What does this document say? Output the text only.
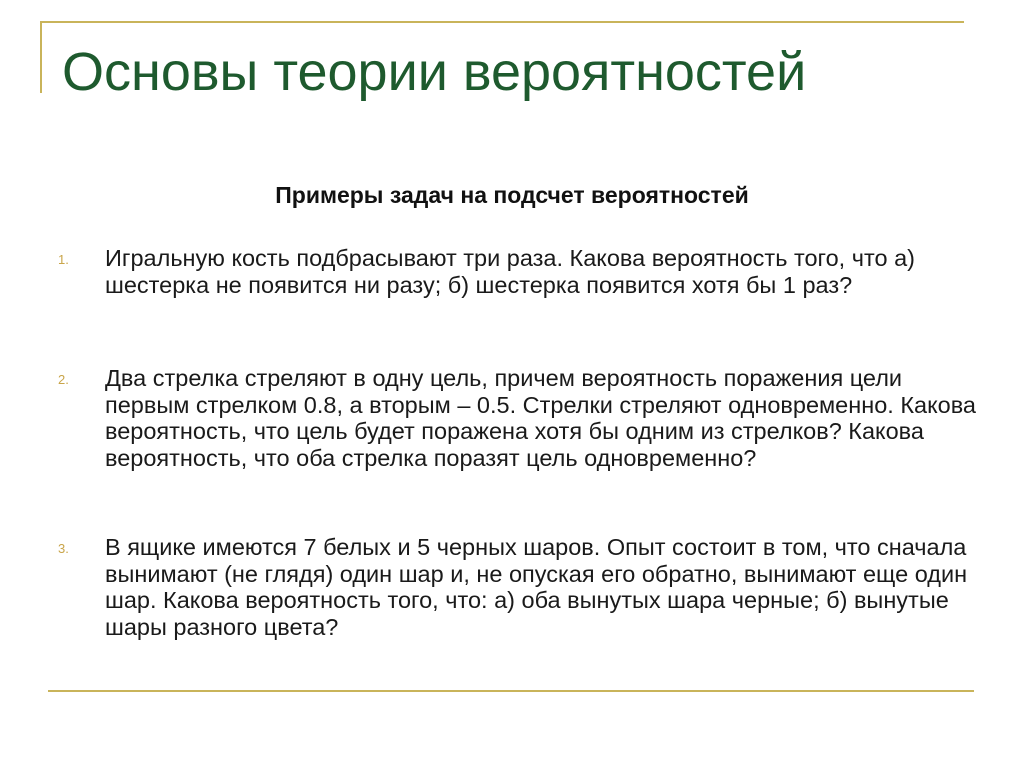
Основы теории вероятностей
Примеры задач на подсчет вероятностей
1. Игральную кость подбрасывают три раза. Какова вероятность того, что а) шестерка не появится ни разу; б) шестерка появится хотя бы 1 раз?
2. Два стрелка стреляют в одну цель, причем вероятность поражения цели первым стрелком 0.8, а вторым – 0.5. Стрелки стреляют одновременно. Какова вероятность, что цель будет поражена хотя бы одним из стрелков? Какова вероятность, что оба стрелка поразят цель одновременно?
3. В ящике имеются 7 белых и 5 черных шаров. Опыт состоит в том, что сначала вынимают (не глядя) один шар и, не опуская его обратно, вынимают еще один шар. Какова вероятность того, что: а) оба вынутых шара черные; б) вынутые шары разного цвета?
